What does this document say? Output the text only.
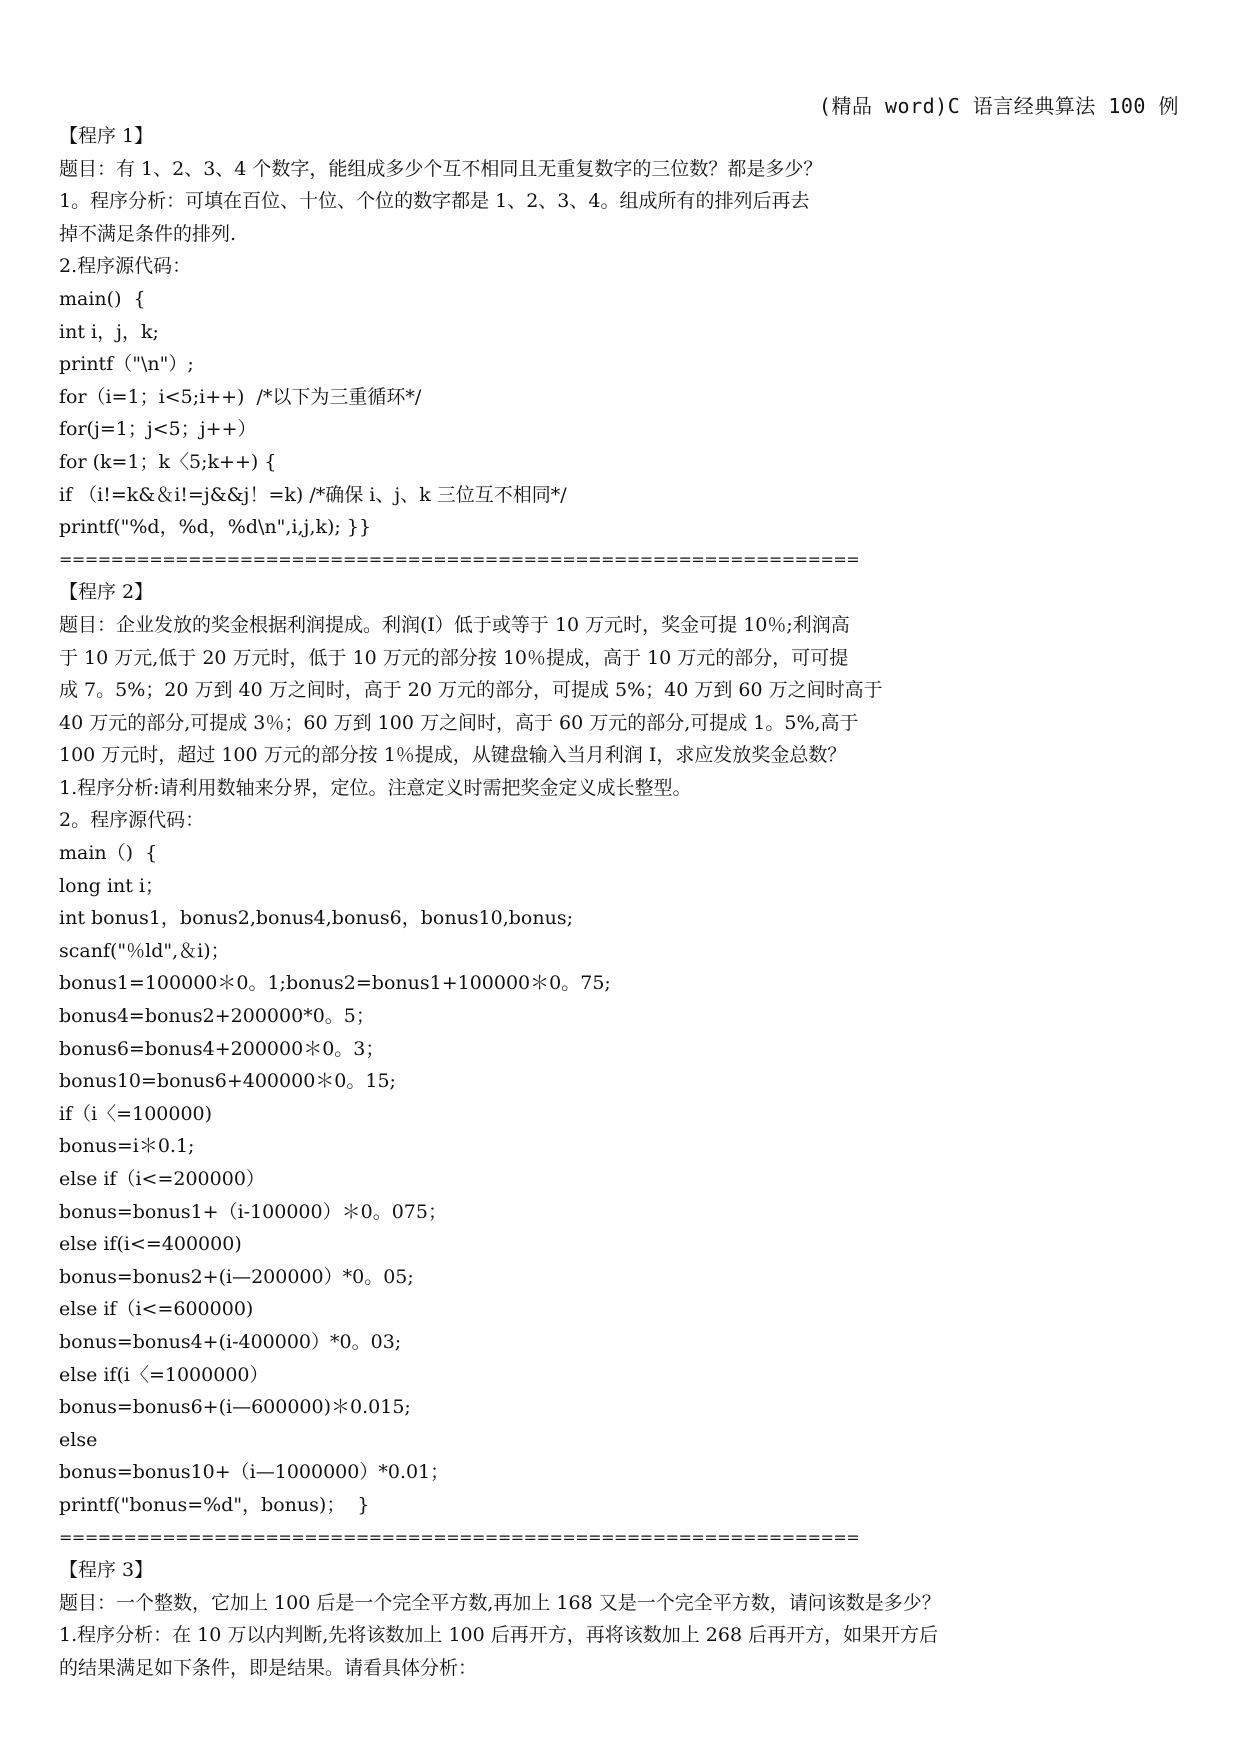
(精品 word)C 语言经典算法 100 例
【程序 1】
题目：有 1、2、3、4 个数字，能组成多少个互不相同且无重复数字的三位数？都是多少？
1。程序分析：可填在百位、十位、个位的数字都是 1、2、3、4。组成所有的排列后再去
掉不满足条件的排列.
2.程序源代码：
main()  {
int i，j，k;
printf（"\n"）;
for（i=1；i<5;i++)  /*以下为三重循环*/
for(j=1；j<5；j++）
for (k=1；k〈5;k++) {
if （i!=k&＆i!=j&&j！=k) /*确保 i、j、k 三位互不相同*/
printf("%d，%d，%d\n",i,j,k); }}
==============================================================
【程序 2】
题目：企业发放的奖金根据利润提成。利润(I）低于或等于 10 万元时，奖金可提 10％;利润高
于 10 万元,低于 20 万元时，低于 10 万元的部分按 10％提成，高于 10 万元的部分，可可提
成 7。5%；20 万到 40 万之间时，高于 20 万元的部分，可提成 5%；40 万到 60 万之间时高于
40 万元的部分,可提成 3％；60 万到 100 万之间时，高于 60 万元的部分,可提成 1。5%,高于
100 万元时，超过 100 万元的部分按 1％提成，从键盘输入当月利润 I，求应发放奖金总数？
1.程序分析:请利用数轴来分界，定位。注意定义时需把奖金定义成长整型。
2。程序源代码：
main（)  {
long int i；
int bonus1，bonus2,bonus4,bonus6，bonus10,bonus;
scanf("％ld",＆i)；
bonus1=100000＊0。1;bonus2=bonus1+100000＊0。75;
bonus4=bonus2+200000*0。5；
bonus6=bonus4+200000＊0。3；
bonus10=bonus6+400000＊0。15;
if（i〈=100000)
bonus=i＊0.1;
else if（i<=200000）
bonus=bonus1+（i-100000）＊0。075；
else if(i<=400000)
bonus=bonus2+(i—200000）*0。05;
else if（i<=600000)
bonus=bonus4+(i-400000）*0。03;
else if(i〈=1000000）
bonus=bonus6+(i—600000)＊0.015;
else
bonus=bonus10+（i—1000000）*0.01；
printf("bonus=%d"，bonus)；  }
==============================================================
【程序 3】
题目：一个整数，它加上 100 后是一个完全平方数,再加上 168 又是一个完全平方数，请问该数是多少？
1.程序分析：在 10 万以内判断,先将该数加上 100 后再开方，再将该数加上 268 后再开方，如果开方后
的结果满足如下条件，即是结果。请看具体分析：
